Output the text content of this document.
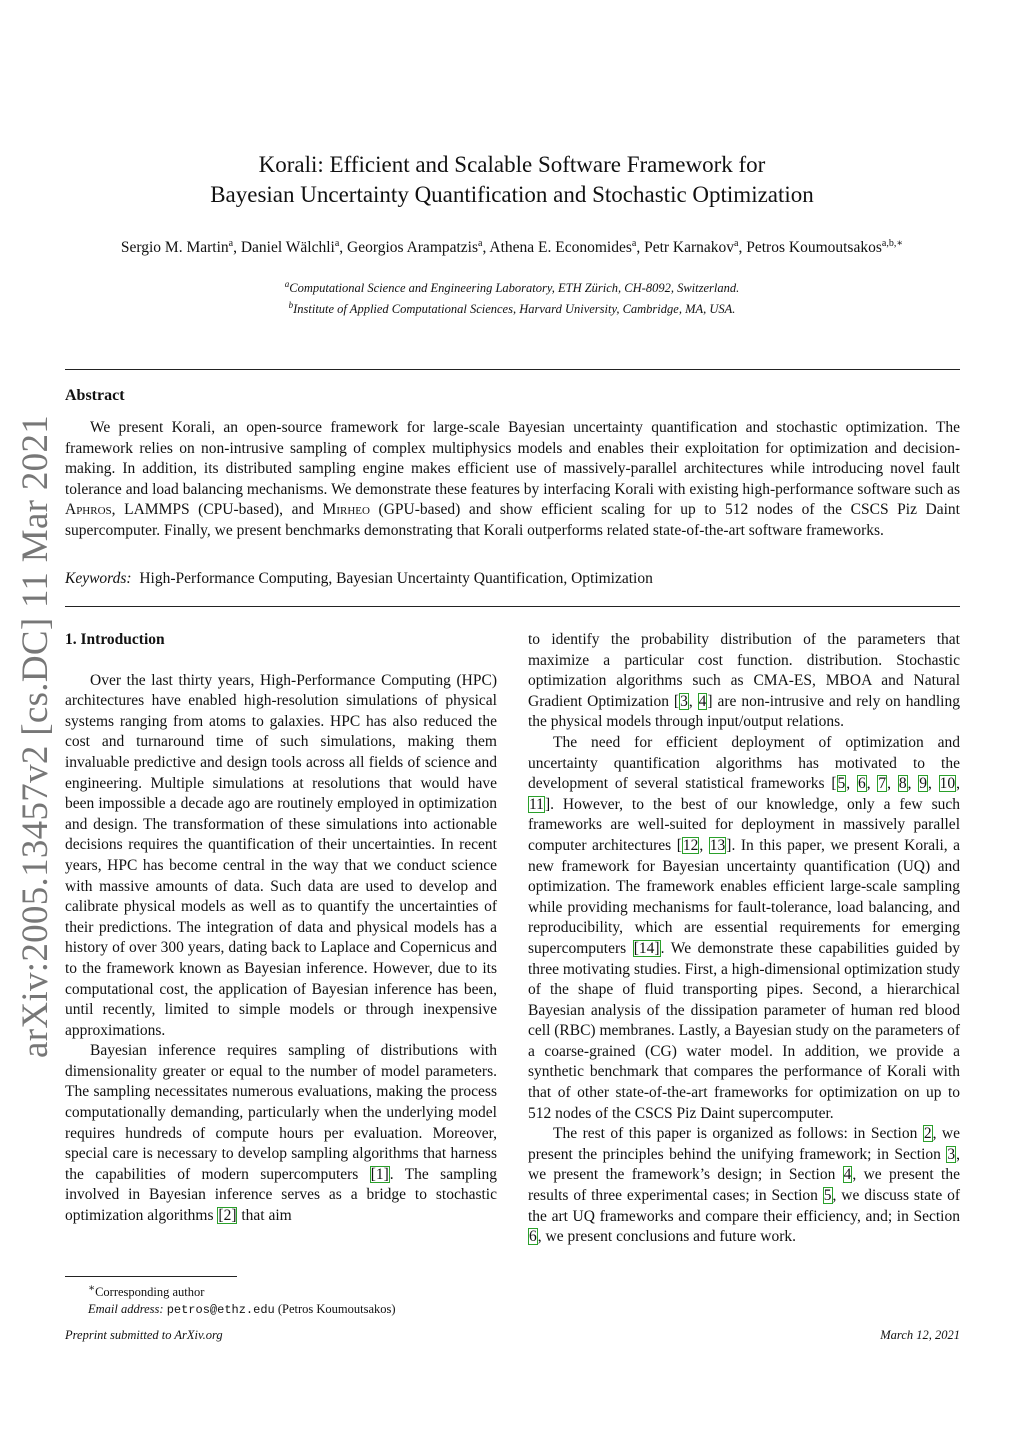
arXiv:2005.13457v2 [cs.DC] 11 Mar 2021
Korali: Efficient and Scalable Software Framework for
Bayesian Uncertainty Quantification and Stochastic Optimization
Sergio M. Martin$^a$, Daniel Wälchli$^a$, Georgios Arampatzis$^a$, Athena E. Economides$^a$, Petr Karnakov$^a$, Petros Koumoutsakos$^{a,b,∗}$
$^a$Computational Science and Engineering Laboratory, ETH Zürich, CH-8092, Switzerland.
$^b$Institute of Applied Computational Sciences, Harvard University, Cambridge, MA, USA.
Abstract
We present Korali, an open-source framework for large-scale Bayesian uncertainty quantification and stochastic optimization. The framework relies on non-intrusive sampling of complex multiphysics models and enables their exploitation for optimization and decision-making. In addition, its distributed sampling engine makes efficient use of massively-parallel architectures while introducing novel fault tolerance and load balancing mechanisms. We demonstrate these features by interfacing Korali with existing high-performance software such as Aphros, LAMMPS (CPU-based), and Mirheo (GPU-based) and show efficient scaling for up to 512 nodes of the CSCS Piz Daint supercomputer. Finally, we present benchmarks demonstrating that Korali outperforms related state-of-the-art software frameworks.
Keywords: High-Performance Computing, Bayesian Uncertainty Quantification, Optimization
1. Introduction

Over the last thirty years, High-Performance Computing (HPC) architectures have enabled high-resolution simulations of physical systems ranging from atoms to galaxies. HPC has also reduced the cost and turnaround time of such simulations, making them invaluable predictive and design tools across all fields of science and engineering. Multiple simulations at resolutions that would have been impossible a decade ago are routinely employed in optimization and design. The transformation of these simulations into actionable decisions requires the quantification of their uncertainties. In recent years, HPC has become central in the way that we conduct science with massive amounts of data. Such data are used to develop and calibrate physical models as well as to quantify the uncertainties of their predictions. The integration of data and physical models has a history of over 300 years, dating back to Laplace and Copernicus and to the framework known as Bayesian inference. However, due to its computational cost, the application of Bayesian inference has been, until recently, limited to simple models or through inexpensive approximations.

Bayesian inference requires sampling of distributions with dimensionality greater or equal to the number of model parameters. The sampling necessitates numerous evaluations, making the process computationally demanding, particularly when the underlying model requires hundreds of compute hours per evaluation. Moreover, special care is necessary to develop sampling algorithms that harness the capabilities of modern supercomputers [1]. The sampling involved in Bayesian inference serves as a bridge to stochastic optimization algorithms [2] that aim

to identify the probability distribution of the parameters that maximize a particular cost function. distribution. Stochastic optimization algorithms such as CMA-ES, MBOA and Natural Gradient Optimization [3, 4] are non-intrusive and rely on handling the physical models through input/output relations.

The need for efficient deployment of optimization and uncertainty quantification algorithms has motivated to the development of several statistical frameworks [5, 6, 7, 8, 9, 10, 11]. However, to the best of our knowledge, only a few such frameworks are well-suited for deployment in massively parallel computer architectures [12, 13]. In this paper, we present Korali, a new framework for Bayesian uncertainty quantification (UQ) and optimization. The framework enables efficient large-scale sampling while providing mechanisms for fault-tolerance, load balancing, and reproducibility, which are essential requirements for emerging supercomputers [14]. We demonstrate these capabilities guided by three motivating studies. First, a high-dimensional optimization study of the shape of fluid transporting pipes. Second, a hierarchical Bayesian analysis of the dissipation parameter of human red blood cell (RBC) membranes. Lastly, a Bayesian study on the parameters of a coarse-grained (CG) water model. In addition, we provide a synthetic benchmark that compares the performance of Korali with that of other state-of-the-art frameworks for optimization on up to 512 nodes of the CSCS Piz Daint supercomputer.

The rest of this paper is organized as follows: in Section 2, we present the principles behind the unifying framework; in Section 3, we present the framework’s design; in Section 4, we present the results of three experimental cases; in Section 5, we discuss state of the art UQ frameworks and compare their efficiency, and; in Section 6, we present conclusions and future work.

∗Corresponding author
Email address: petros@ethz.edu (Petros Koumoutsakos)
Preprint submitted to ArXiv.org	March 12, 2021
